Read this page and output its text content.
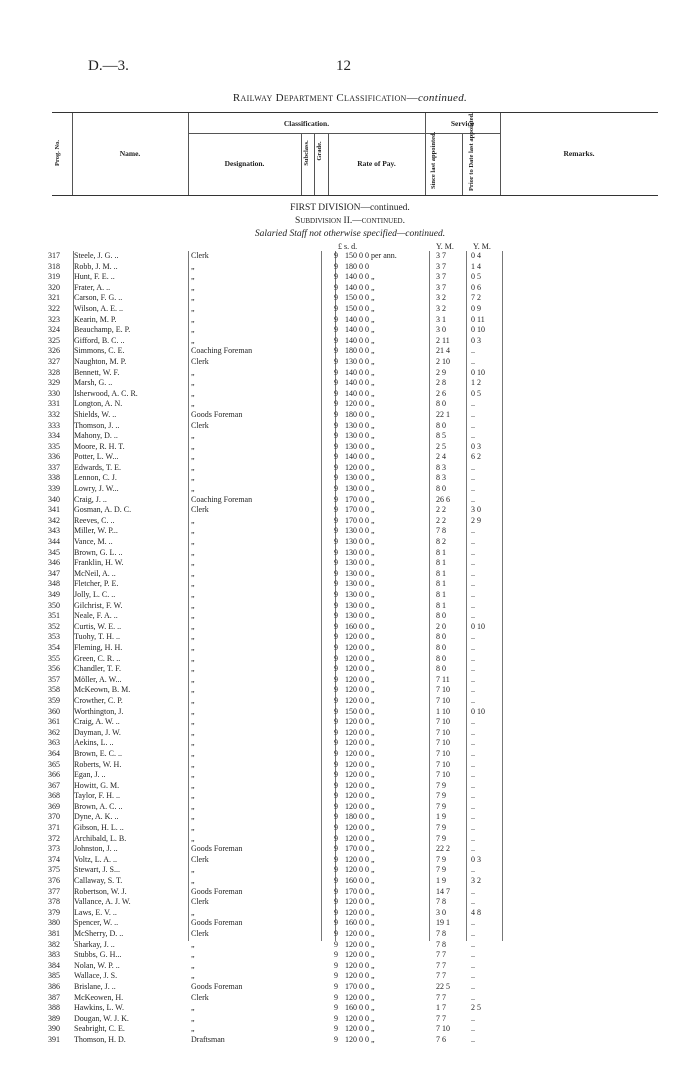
D.—3.	12
Railway Department Classification—continued.
Prog. No.	Name.
Classification.
Designation.	Subclass. Grade.
Rate of Pay.
Service
Since last appointed.	Prior to Date last appointed.	Remarks.
FIRST DIVISION—continued.
Subdivision II.—continued.
Salaried Staff not otherwise specified—continued.
£ s. d.	Y. M. Y. M.
317	Steele, J. G. ..	Clerk	9 150 0 0 per ann.	3 7	0 4
318	Robb, J. M. ..	„	9 180 0 0	3 7	1 4
319	Hunt, F. E. ..	„	9 140 0 0 „	3 7	0 5
320	Frater, A. ..	„	9 140 0 0 „	3 7	0 6
321	Carson, F. G. ..	„	9 150 0 0 „	3 2	7 2
322	Wilson, A. E. ..	„	9 150 0 0 „	3 2	0 9
323	Kearin, M. P.	„	9 140 0 0 „	3 1	0 11
324	Beauchamp, E. P.	„	9 140 0 0 „	3 0	0 10
325	Gifford, B. C. ..	„	9 140 0 0 „	2 11	0 3
326	Simmons, C. E.	Coaching Foreman	9 180 0 0 „	21 4	..
327	Naughton, M. P.	Clerk	9 130 0 0 „	2 10	..
328	Bennett, W. F.	„	9 140 0 0 „	2 9	0 10
329	Marsh, G. ..	„	9 140 0 0 „	2 8	1 2
330	Isherwood, A. C. R.	„	9 140 0 0 „	2 6	0 5
331	Longton, A. N.	„	9 120 0 0 „	8 0	..
332	Shields, W. ..	Goods Foreman	9 180 0 0 „	22 1	..
333	Thomson, J. ..	Clerk	9 130 0 0 „	8 0	..
334	Mahony, D. ..	„	9 130 0 0 „	8 5	..
335	Moore, R. H. T.	„	9 130 0 0 „	2 5	0 3
336	Potter, L. W...	„	9 140 0 0 „	2 4	6 2
337	Edwards, T. E.	„	9 120 0 0 „	8 3	..
338	Lennon, C. J.	„	9 130 0 0 „	8 3	..
339	Lowry, J. W...	„	9 130 0 0 „	8 0	..
340	Craig, J. ..	Coaching Foreman	9 170 0 0 „	26 6	..
341	Gosman, A. D. C.	Clerk	9 170 0 0 „	2 2	3 0
342	Reeves, C. ..	„	9 170 0 0 „	2 2	2 9
343	Miller, W. P...	„	9 130 0 0 „	7 8	..
344	Vance, M. ..	„	9 130 0 0 „	8 2	..
345	Brown, G. L. ..	„	9 130 0 0 „	8 1	..
346	Franklin, H. W.	„	9 130 0 0 „	8 1	..
347	McNeil, A. ..	„	9 130 0 0 „	8 1	..
348	Fletcher, P. E.	„	9 130 0 0 „	8 1	..
349	Jolly, L. C. ..	„	9 130 0 0 „	8 1	..
350	Gilchrist, F. W.	„	9 130 0 0 „	8 1	..
351	Neale, F. A. ..	„	9 130 0 0 „	8 0	..
352	Curtis, W. E. ..	„	9 160 0 0 „	2 0	0 10
353	Tuohy, T. H. ..	„	9 120 0 0 „	8 0	..
354	Fleming, H. H.	„	9 120 0 0 „	8 0	..
355	Green, C. R. ..	„	9 120 0 0 „	8 0	..
356	Chandler, T. F.	„	9 120 0 0 „	8 0	..
357	Möller, A. W...	„	9 120 0 0 „	7 11	..
358	McKeown, B. M.	„	9 120 0 0 „	7 10	..
359	Crowther, C. P.	„	9 120 0 0 „	7 10	..
360	Worthington, J.	„	9 150 0 0 „	1 10	0 10
361	Craig, A. W. ..	„	9 120 0 0 „	7 10	..
362	Dayman, J. W.	„	9 120 0 0 „	7 10	..
363	Aekins, L. ..	„	9 120 0 0 „	7 10	..
364	Brown, E. C. ..	„	9 120 0 0 „	7 10	..
365	Roberts, W. H.	„	9 120 0 0 „	7 10	..
366	Egan, J. ..	„	9 120 0 0 „	7 10	..
367	Howitt, G. M.	„	9 120 0 0 „	7 9	..
368	Taylor, F. H. ..	„	9 120 0 0 „	7 9	..
369	Brown, A. C. ..	„	9 120 0 0 „	7 9	..
370	Dyne, A. K. ..	„	9 180 0 0 „	1 9	..
371	Gibson, H. L. ..	„	9 120 0 0 „	7 9	..
372	Archibald, L. B.	„	9 120 0 0 „	7 9	..
373	Johnston, J. ..	Goods Foreman	9 170 0 0 „	22 2	..
374	Voltz, L. A. ..	Clerk	9 120 0 0 „	7 9	0 3
375	Stewart, J. S...	„	9 120 0 0 „	7 9	..
376	Callaway, S. T.	„	9 160 0 0 „	1 9	3 2
377	Robertson, W. J.	Goods Foreman	9 170 0 0 „	14 7	..
378	Vallance, A. J. W.	Clerk	9 120 0 0 „	7 8	..
379	Laws, E. V. ..	„	9 120 0 0 „	3 0	4 8
380	Spencer, W. ..	Goods Foreman	9 160 0 0 „	19 1	..
381	McSherry, D. ..	Clerk	9 120 0 0 „	7 8	..
382	Sharkay, J. ..	„	9 120 0 0 „	7 8	..
383	Stubbs, G. H...	„	9 120 0 0 „	7 7	..
384	Nolan, W. P. ..	„	9 120 0 0 „	7 7	..
385	Wallace, J. S.	„	9 120 0 0 „	7 7	..
386	Brislane, J. ..	Goods Foreman	9 170 0 0 „	22 5	..
387	McKeowen, H.	Clerk	9 120 0 0 „	7 7	..
388	Hawkins, L. W.	„	9 160 0 0 „	1 7	2 5
389	Dougan, W. J. K.	„	9 120 0 0 „	7 7	..
390	Seabright, C. E.	„	9 120 0 0 „	7 10	..
391	Thomson, H. D.	Draftsman	9 120 0 0 „	7 6	..
